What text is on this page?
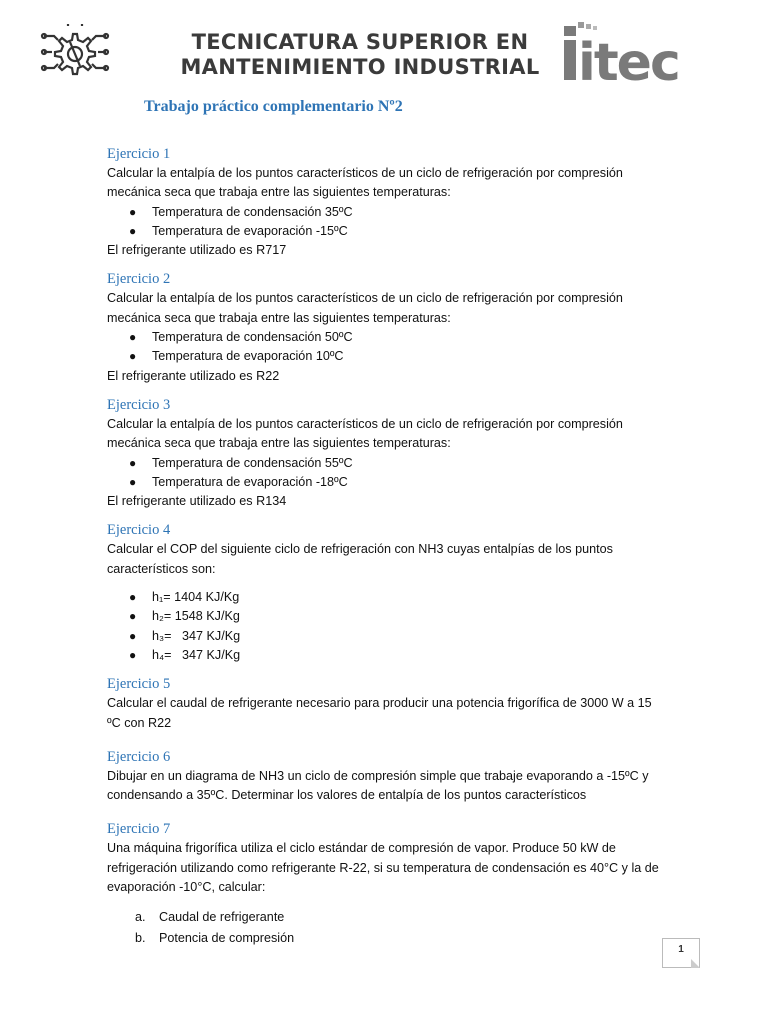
TECNICATURA SUPERIOR EN
MANTENIMIENTO INDUSTRIAL itec
Trabajo práctico complementario Nº2
Ejercicio 1

Calcular la entalpía de los puntos característicos de un ciclo de refrigeración por compresión
mecánica seca que trabaja entre las siguientes temperaturas:

● Temperatura de condensación 35ºC
● Temperatura de evaporación -15ºC

El refrigerante utilizado es R717

Ejercicio 2

Calcular la entalpía de los puntos característicos de un ciclo de refrigeración por compresión
mecánica seca que trabaja entre las siguientes temperaturas:

● Temperatura de condensación 50ºC
● Temperatura de evaporación 10ºC

El refrigerante utilizado es R22

Ejercicio 3

Calcular la entalpía de los puntos característicos de un ciclo de refrigeración por compresión
mecánica seca que trabaja entre las siguientes temperaturas:

● Temperatura de condensación 55ºC
● Temperatura de evaporación -18ºC

El refrigerante utilizado es R134

Ejercicio 4

Calcular el COP del siguiente ciclo de refrigeración con NH3 cuyas entalpías de los puntos
característicos son:

● h₁= 1404 KJ/Kg
● h₂= 1548 KJ/Kg
● h₃=   347 KJ/Kg
● h₄=   347 KJ/Kg
Ejercicio 5

Calcular el caudal de refrigerante necesario para producir una potencia frigorífica de 3000 W a 15
ºC con R22

Ejercicio 6

Dibujar en un diagrama de NH3 un ciclo de compresión simple que trabaje evaporando a -15ºC y
condensando a 35ºC. Determinar los valores de entalpía de los puntos característicos

Ejercicio 7

Una máquina frigorífica utiliza el ciclo estándar de compresión de vapor. Produce 50 kW de
refrigeración utilizando como refrigerante R-22, si su temperatura de condensación es 40°C y la de
evaporación -10°C, calcular:

a. Caudal de refrigerante
b. Potencia de compresión
1
